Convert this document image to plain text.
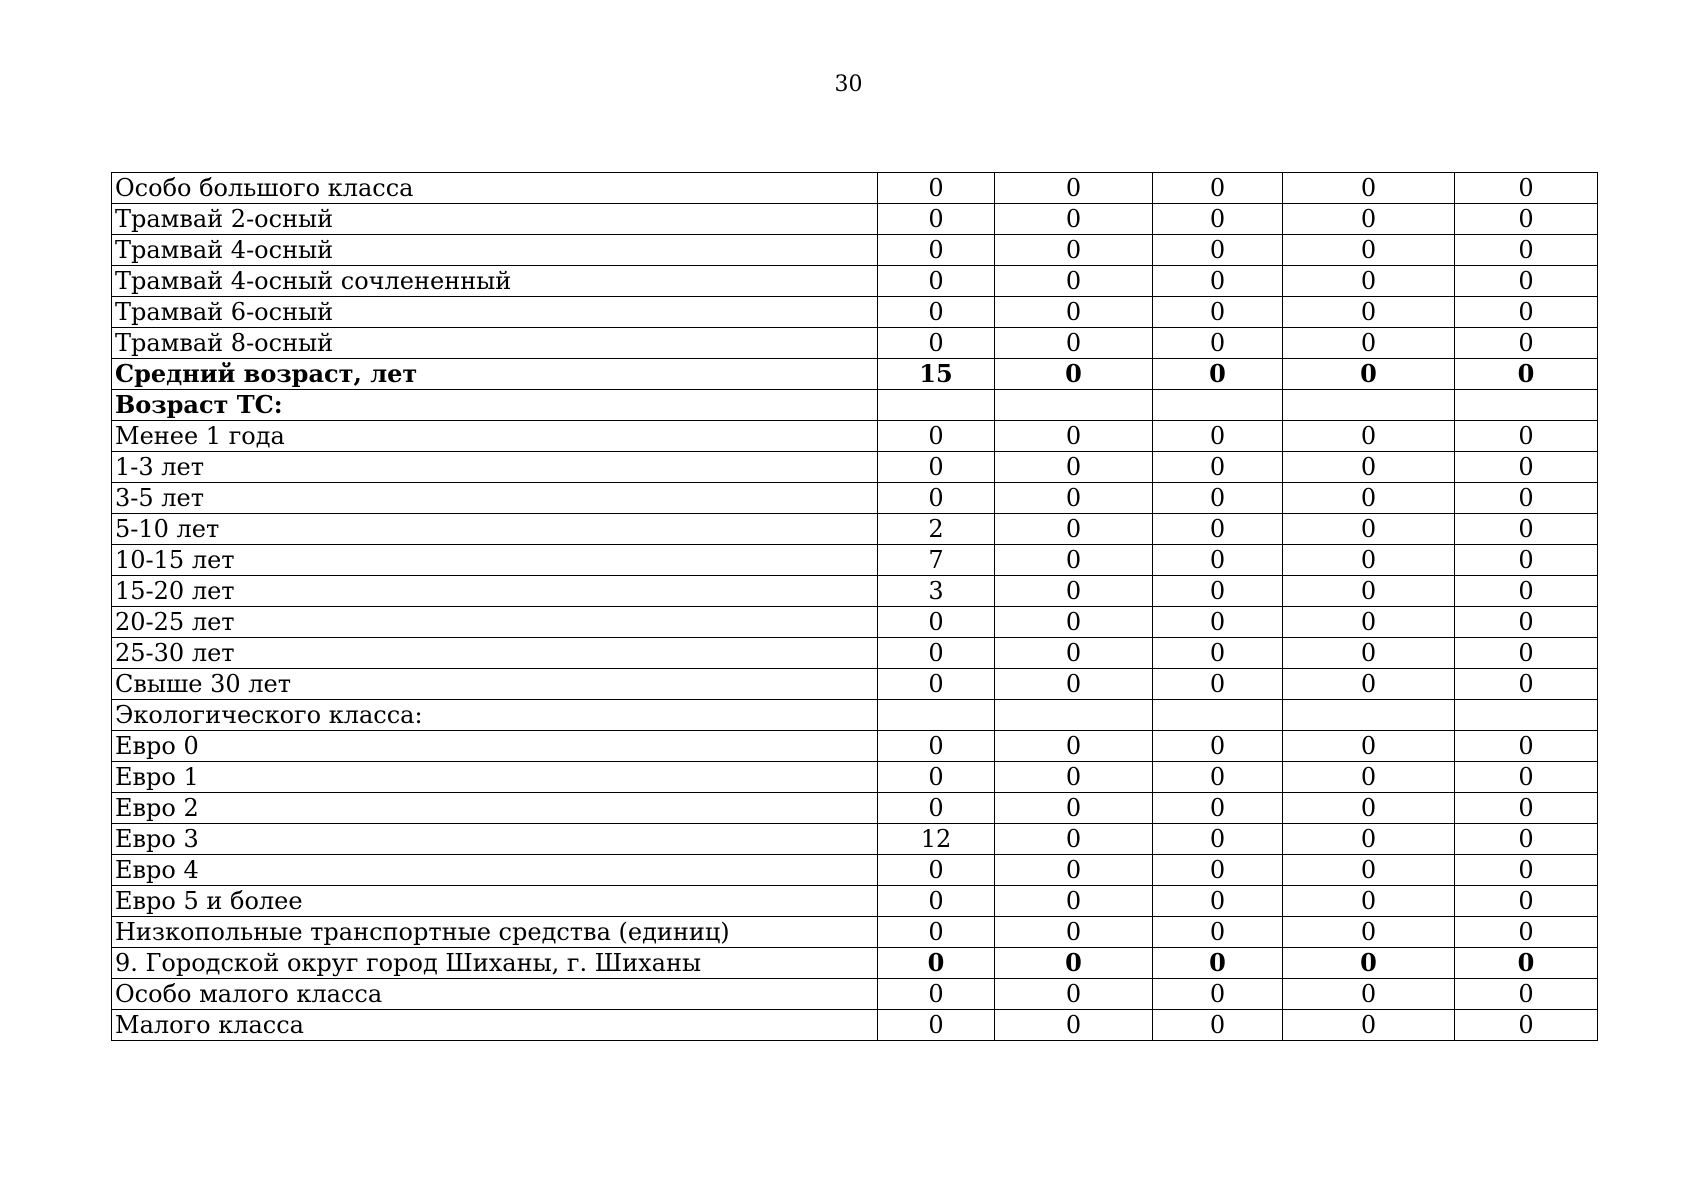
30
Особо большого класса	0	0	0	0	0
Трамвай 2-осный	0	0	0	0	0
Трамвай 4-осный	0	0	0	0	0
Трамвай 4-осный сочлененный	0	0	0	0	0
Трамвай 6-осный	0	0	0	0	0
Трамвай 8-осный	0	0	0	0	0
Средний возраст, лет	15	0	0	0	0
Возраст ТС:					
Менее 1 года	0	0	0	0	0
1-3 лет	0	0	0	0	0
3-5 лет	0	0	0	0	0
5-10 лет	2	0	0	0	0
10-15 лет	7	0	0	0	0
15-20 лет	3	0	0	0	0
20-25 лет	0	0	0	0	0
25-30 лет	0	0	0	0	0
Свыше 30 лет	0	0	0	0	0
Экологического класса:					
Евро 0	0	0	0	0	0
Евро 1	0	0	0	0	0
Евро 2	0	0	0	0	0
Евро 3	12	0	0	0	0
Евро 4	0	0	0	0	0
Евро 5 и более	0	0	0	0	0
Низкопольные транспортные средства (единиц)	0	0	0	0	0
9. Городской округ город Шиханы, г. Шиханы	0	0	0	0	0
Особо малого класса	0	0	0	0	0
Малого класса	0	0	0	0	0
